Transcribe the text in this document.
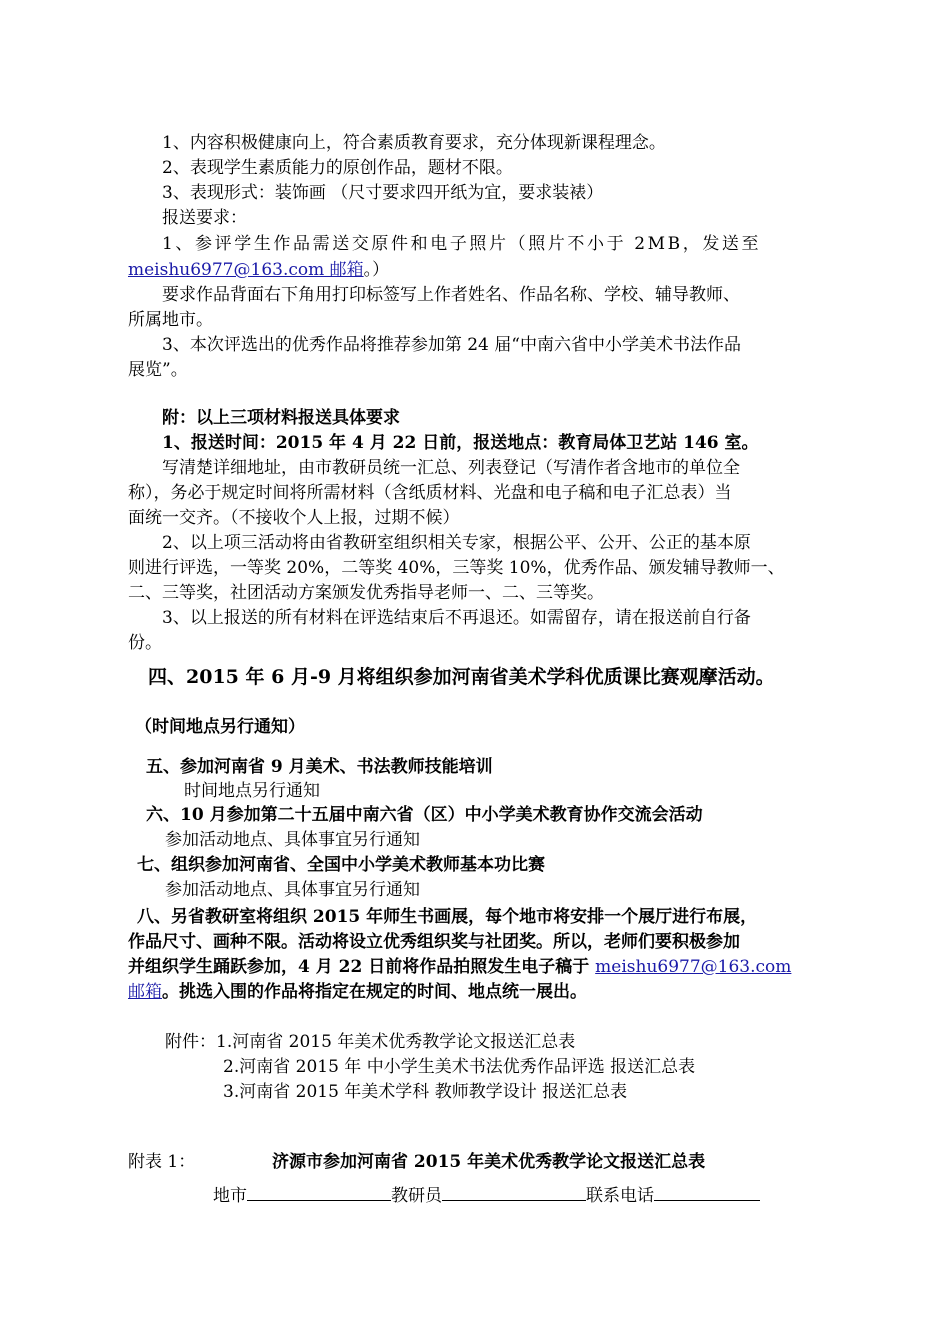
1、内容积极健康向上，符合素质教育要求，充分体现新课程理念。
2、表现学生素质能力的原创作品，题材不限。
3、表现形式：装饰画 （尺寸要求四开纸为宜，要求装裱）
报送要求：
1、参评学生作品需送交原件和电子照片（照片不小于 2MB，发送至
meishu6977@163.com 邮箱。）
要求作品背面右下角用打印标签写上作者姓名、作品名称、学校、辅导教师、
所属地市。
3、本次评选出的优秀作品将推荐参加第 24 届“中南六省中小学美术书法作品
展览”。
附：以上三项材料报送具体要求
1、报送时间：2015 年 4 月 22 日前，报送地点：教育局体卫艺站 146 室。
写清楚详细地址，由市教研员统一汇总、列表登记（写清作者含地市的单位全
称），务必于规定时间将所需材料（含纸质材料、光盘和电子稿和电子汇总表）当
面统一交齐。（不接收个人上报，过期不候）
2、以上项三活动将由省教研室组织相关专家，根据公平、公开、公正的基本原
则进行评选，一等奖 20%，二等奖 40%，三等奖 10%，优秀作品、颁发辅导教师一、
二、三等奖，社团活动方案颁发优秀指导老师一、二、三等奖。
3、以上报送的所有材料在评选结束后不再退还。如需留存，请在报送前自行备
份。
四、2015 年 6 月-9 月将组织参加河南省美术学科优质课比赛观摩活动。
（时间地点另行通知）
五、参加河南省 9 月美术、书法教师技能培训
时间地点另行通知
六、10 月参加第二十五届中南六省（区）中小学美术教育协作交流会活动
参加活动地点、具体事宜另行通知
七、组织参加河南省、全国中小学美术教师基本功比赛
参加活动地点、具体事宜另行通知
八、另省教研室将组织 2015 年师生书画展，每个地市将安排一个展厅进行布展，
作品尺寸、画种不限。活动将设立优秀组织奖与社团奖。所以，老师们要积极参加
并组织学生踊跃参加，4 月 22 日前将作品拍照发生电子稿于 meishu6977@163.com
邮箱。挑选入围的作品将指定在规定的时间、地点统一展出。
附件：1.河南省 2015 年美术优秀教学论文报送汇总表
2.河南省 2015 年 中小学生美术书法优秀作品评选 报送汇总表
3.河南省 2015 年美术学科 教师教学设计 报送汇总表
附表 1：	济源市参加河南省 2015 年美术优秀教学论文报送汇总表
地市	教研员	联系电话
